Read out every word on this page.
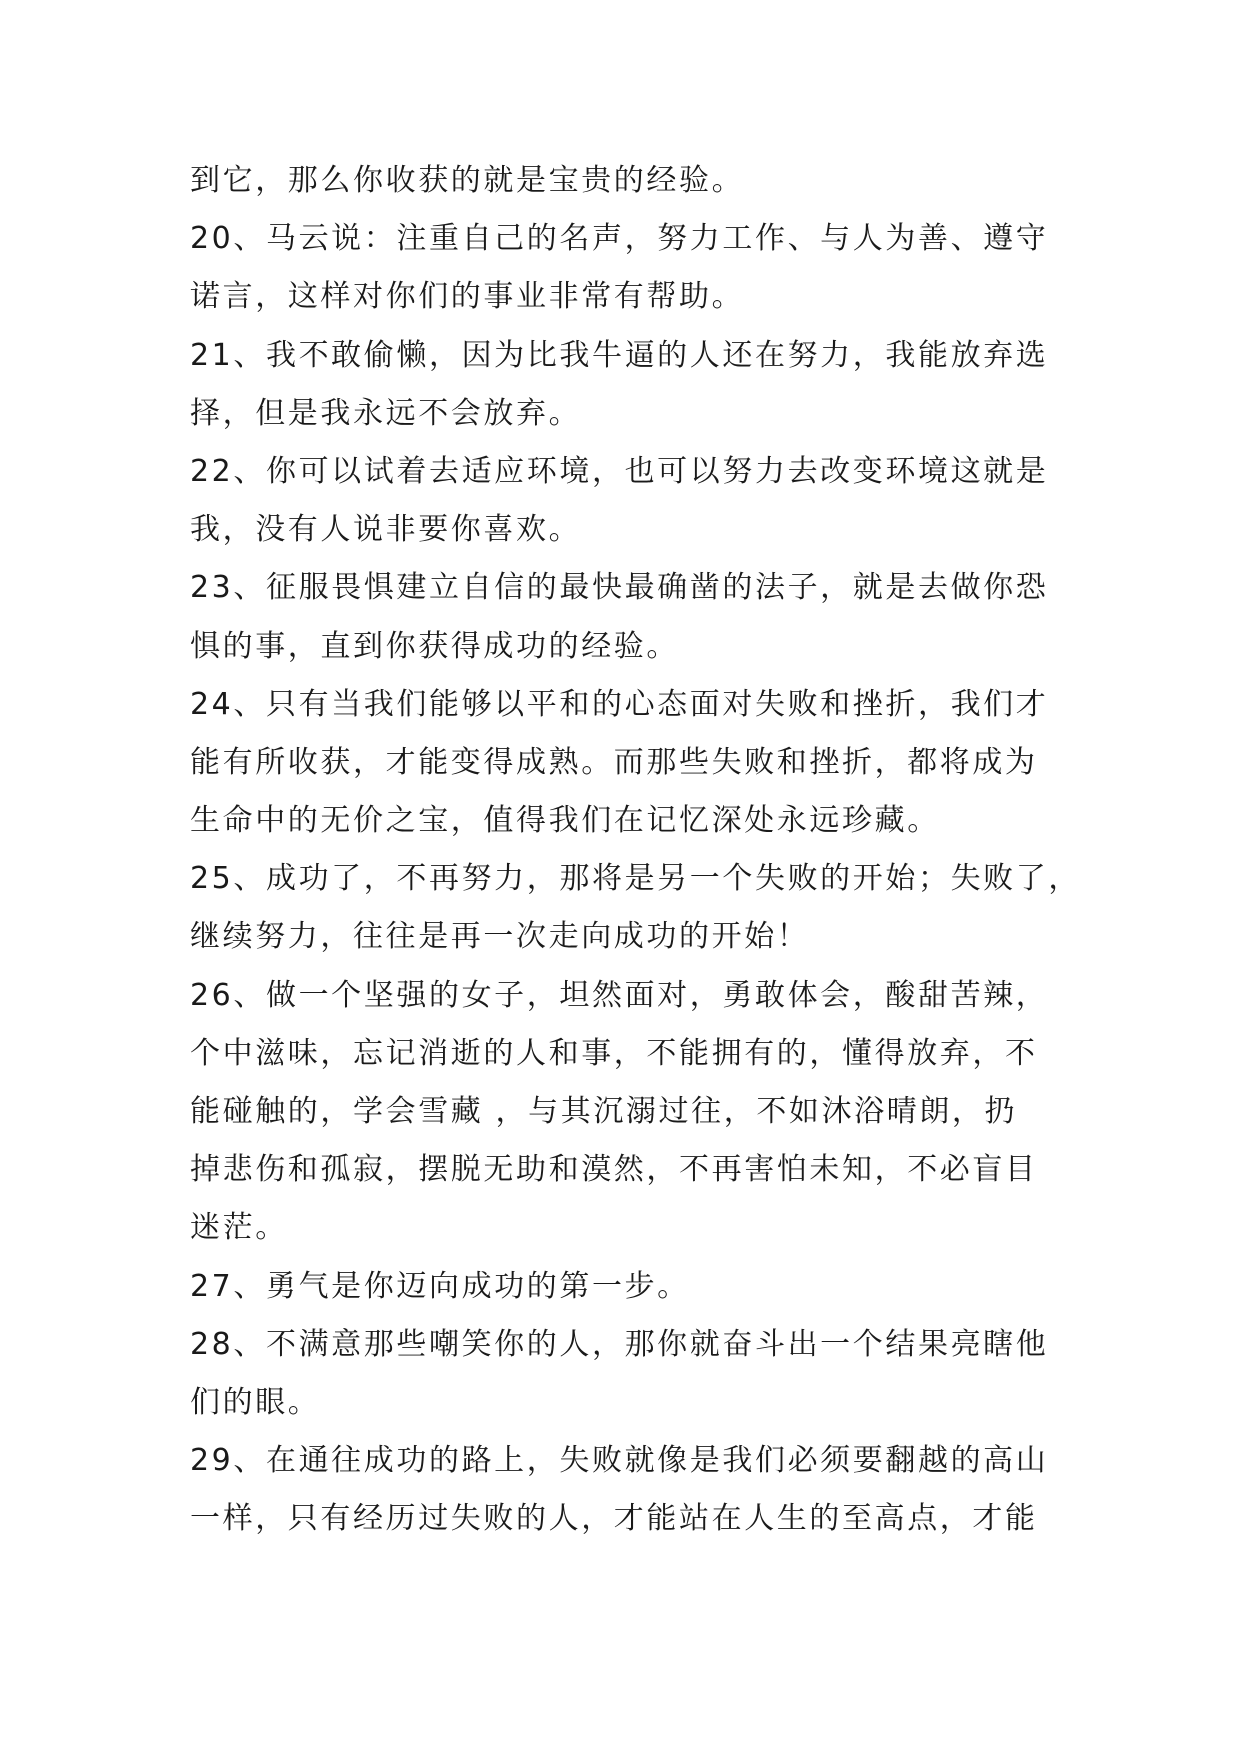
到它，那么你收获的就是宝贵的经验。
20、马云说：注重自己的名声，努力工作、与人为善、遵守
诺言，这样对你们的事业非常有帮助。
21、我不敢偷懒，因为比我牛逼的人还在努力，我能放弃选
择，但是我永远不会放弃。
22、你可以试着去适应环境，也可以努力去改变环境这就是
我，没有人说非要你喜欢。
23、征服畏惧建立自信的最快最确凿的法子，就是去做你恐
惧的事，直到你获得成功的经验。
24、只有当我们能够以平和的心态面对失败和挫折，我们才
能有所收获，才能变得成熟。而那些失败和挫折，都将成为
生命中的无价之宝，值得我们在记忆深处永远珍藏。
25、成功了，不再努力，那将是另一个失败的开始；失败了，
继续努力，往往是再一次走向成功的开始！
26、做一个坚强的女子，坦然面对，勇敢体会，酸甜苦辣，
个中滋味，忘记消逝的人和事，不能拥有的，懂得放弃，不
能碰触的，学会雪藏 ，与其沉溺过往，不如沐浴晴朗，扔
掉悲伤和孤寂，摆脱无助和漠然，不再害怕未知，不必盲目
迷茫。
27、勇气是你迈向成功的第一步。
28、不满意那些嘲笑你的人，那你就奋斗出一个结果亮瞎他
们的眼。
29、在通往成功的路上，失败就像是我们必须要翻越的高山
一样，只有经历过失败的人，才能站在人生的至高点，才能
